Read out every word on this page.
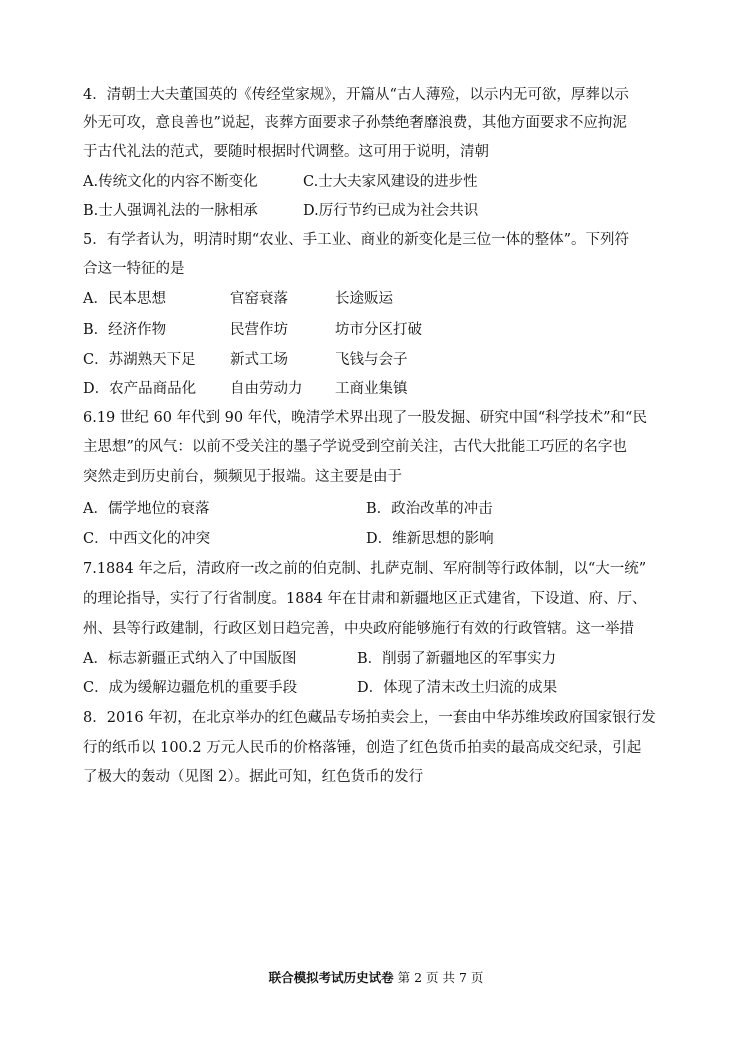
4．清朝士大夫董国英的《传经堂家规》，开篇从“古人薄殓，以示内无可欲，厚葬以示
外无可攻，意良善也”说起，丧葬方面要求子孙禁绝奢靡浪费，其他方面要求不应拘泥
于古代礼法的范式，要随时根据时代调整。这可用于说明，清朝
A.传统文化的内容不断变化	C.士大夫家风建设的进步性
B.士人强调礼法的一脉相承	D.厉行节约已成为社会共识
5．有学者认为，明清时期“农业、手工业、商业的新变化是三位一体的整体”。下列符
合这一特征的是
A．民本思想	官窑衰落	长途贩运
B．经济作物	民营作坊	坊市分区打破
C．苏湖熟天下足 新式工场	飞钱与会子
D．农产品商品化 自由劳动力 工商业集镇
6.19 世纪 60 年代到 90 年代，晚清学术界出现了一股发掘、研究中国“科学技术”和“民
主思想”的风气：以前不受关注的墨子学说受到空前关注，古代大批能工巧匠的名字也
突然走到历史前台，频频见于报端。这主要是由于
A．儒学地位的衰落	B．政治改革的冲击
C．中西文化的冲突	D．维新思想的影响
7.1884 年之后，清政府一改之前的伯克制、扎萨克制、军府制等行政体制，以“大一统”
的理论指导，实行了行省制度。1884 年在甘肃和新疆地区正式建省，下设道、府、厅、
州、县等行政建制，行政区划日趋完善，中央政府能够施行有效的行政管辖。这一举措
A．标志新疆正式纳入了中国版图	B．削弱了新疆地区的军事实力
C．成为缓解边疆危机的重要手段	D．体现了清末改土归流的成果
8．2016 年初，在北京举办的红色藏品专场拍卖会上，一套由中华苏维埃政府国家银行发
行的纸币以 100.2 万元人民币的价格落锤，创造了红色货币拍卖的最高成交纪录，引起
了极大的轰动（见图 2）。据此可知，红色货币的发行
联合模拟考试历史试卷 第 2 页 共 7 页
